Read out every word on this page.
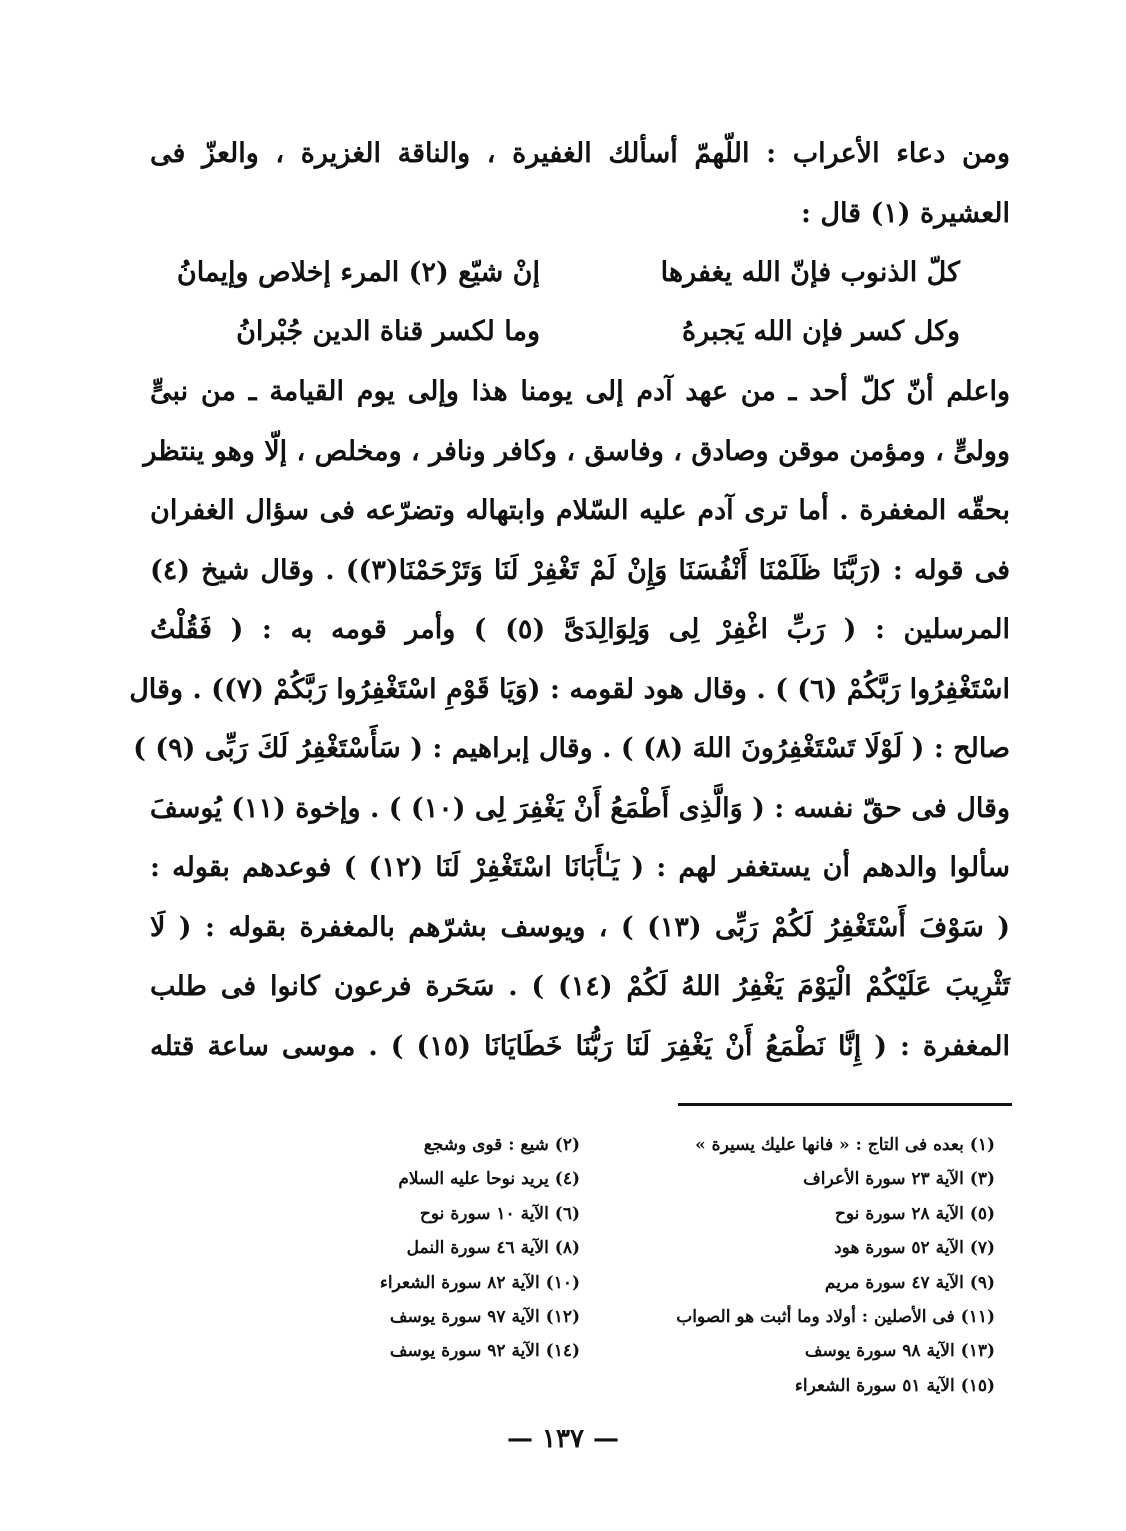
ومن دعاء الأعراب : اللّهمّ أسألك الغفيرة ، والناقة الغزيرة ، والعزّ فى
العشيرة (١) قال :
كلّ الذنوب فإنّ الله يغفرها
إنْ شيّع (٢) المرء إخلاص وإيمانُ
وكل كسر فإن الله يَجبرهُ
وما لكسر قناة الدين جُبْرانُ
واعلم أنّ كلّ أحد ـ من عهد آدم إلى يومنا هذا وإلى يوم القيامة ـ من نبىٍّ
وولىٍّ ، ومؤمن موقن وصادق ، وفاسق ، وكافر ونافر ، ومخلص ، إلّا وهو ينتظر
بحقّه المغفرة . أما ترى آدم عليه السّلام وابتهاله وتضرّعه فى سؤال الغفران
فى قوله : (رَبَّنَا ظَلَمْنَا أَنْفُسَنَا وَإِنْ لَمْ تَغْفِرْ لَنَا وَتَرْحَمْنَا(٣)) . وقال شيخ (٤)
المرسلين : ( رَبِّ اغْفِرْ لِى وَلِوَالِدَىَّ (٥) ) وأمر قومه به : ( فَقُلْتُ
اسْتَغْفِرُوا رَبَّكُمْ (٦) ) . وقال هود لقومه : (وَيَا قَوْمِ اسْتَغْفِرُوا رَبَّكُمْ (٧)) . وقال
صالح : ( لَوْلَا تَسْتَغْفِرُونَ اللهَ (٨) ) . وقال إبراهيم : ( سَأَسْتَغْفِرُ لَكَ رَبِّى (٩) )
وقال فى حقّ نفسه : ( وَالَّذِى أَطْمَعُ أَنْ يَغْفِرَ لِى (١٠) ) . وإخوة (١١) يُوسفَ
سألوا والدهم أن يستغفر لهم : ( يَـٰأَبَانَا اسْتَغْفِرْ لَنَا (١٢) ) فوعدهم بقوله :
( سَوْفَ أَسْتَغْفِرُ لَكُمْ رَبِّى (١٣) ) ، ويوسف بشرّهم بالمغفرة بقوله : ( لَا
تَثْرِيبَ عَلَيْكُمْ الْيَوْمَ يَغْفِرُ اللهُ لَكُمْ (١٤) ) . سَحَرة فرعون كانوا فى طلب
المغفرة : ( إِنَّا نَطْمَعُ أَنْ يَغْفِرَ لَنَا رَبُّنَا خَطَايَانَا (١٥) ) . موسى ساعة قتله
(١) بعده فى التاج : « فانها عليك يسيرة »
(٣) الآية ٢٣ سورة الأعراف
(٥) الآية ٢٨ سورة نوح
(٧) الآية ٥٢ سورة هود
(٩) الآية ٤٧ سورة مريم
(١١) فى الأصلين : أولاد وما أثبت هو الصواب
(١٣) الآية ٩٨ سورة يوسف
(١٥) الآية ٥١ سورة الشعراء
(٢) شيع : قوى وشجع
(٤) يريد نوحا عليه السلام
(٦) الآية ١٠ سورة نوح
(٨) الآية ٤٦ سورة النمل
(١٠) الآية ٨٢ سورة الشعراء
(١٢) الآية ٩٧ سورة يوسف
(١٤) الآية ٩٢ سورة يوسف
— ١٣٧ —
